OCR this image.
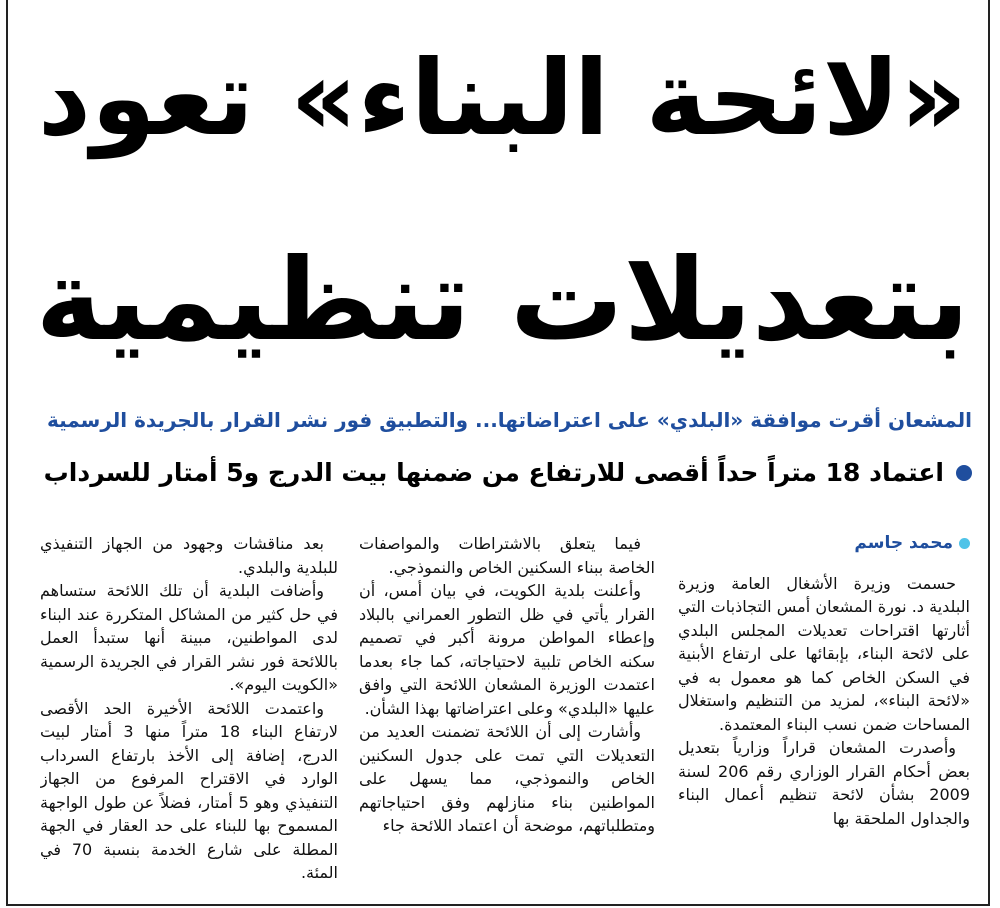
«لائحة البناء» تعود
بتعديلات تنظيمية
المشعان أقرت موافقة «البلدي» على اعتراضاتها... والتطبيق فور نشر القرار بالجريدة الرسمية
اعتماد 18 متراً حداً أقصى للارتفاع من ضمنها بيت الدرج و5 أمتار للسرداب
محمد جاسم

حسمت وزيرة الأشغال العامة وزيرة البلدية د. نورة المشعان أمس التجاذبات التي أثارتها اقتراحات تعديلات المجلس البلدي على لائحة البناء، بإبقائها على ارتفاع الأبنية في السكن الخاص كما هو معمول به في «لائحة البناء»، لمزيد من التنظيم واستغلال المساحات ضمن نسب البناء المعتمدة.

وأصدرت المشعان قراراً وزارياً بتعديل بعض أحكام القرار الوزاري رقم 206 لسنة 2009 بشأن لائحة تنظيم أعمال البناء والجداول الملحقة بها

فيما يتعلق بالاشتراطات والمواصفات الخاصة ببناء السكنين الخاص والنموذجي.

وأعلنت بلدية الكويت، في بيان أمس، أن القرار يأتي في ظل التطور العمراني بالبلاد وإعطاء المواطن مرونة أكبر في تصميم سكنه الخاص تلبية لاحتياجاته، كما جاء بعدما اعتمدت الوزيرة المشعان اللائحة التي وافق عليها «البلدي» وعلى اعتراضاتها بهذا الشأن.

وأشارت إلى أن اللائحة تضمنت العديد من التعديلات التي تمت على جدول السكنين الخاص والنموذجي، مما يسهل على المواطنين بناء منازلهم وفق احتياجاتهم ومتطلباتهم، موضحة أن اعتماد اللائحة جاء

بعد مناقشات وجهود من الجهاز التنفيذي للبلدية والبلدي.

وأضافت البلدية أن تلك اللائحة ستساهم في حل كثير من المشاكل المتكررة عند البناء لدى المواطنين، مبينة أنها ستبدأ العمل باللائحة فور نشر القرار في الجريدة الرسمية «الكويت اليوم».

واعتمدت اللائحة الأخيرة الحد الأقصى لارتفاع البناء 18 متراً منها 3 أمتار لبيت الدرج، إضافة إلى الأخذ بارتفاع السرداب الوارد في الاقتراح المرفوع من الجهاز التنفيذي وهو 5 أمتار، فضلاً عن طول الواجهة المسموح بها للبناء على حد العقار في الجهة المطلة على شارع الخدمة بنسبة 70 في المئة.
